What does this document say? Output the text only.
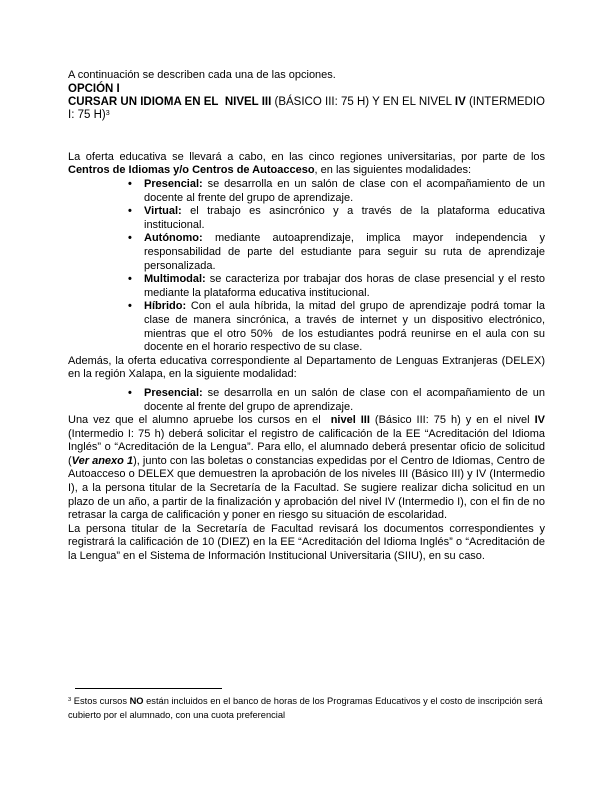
A continuación se describen cada una de las opciones.

OPCIÓN I
CURSAR UN IDIOMA EN EL  NIVEL III (BÁSICO III: 75 H) Y EN EL NIVEL IV (INTERMEDIO I: 75 H)$^3$

La oferta educativa se llevará a cabo, en las cinco regiones universitarias, por parte de los Centros de Idiomas y/o Centros de Autoacceso, en las siguientes modalidades:

• Presencial: se desarrolla en un salón de clase con el acompañamiento de un docente al frente del grupo de aprendizaje.
• Virtual: el trabajo es asincrónico y a través de la plataforma educativa institucional.
• Autónomo: mediante autoaprendizaje, implica mayor independencia y responsabilidad de parte del estudiante para seguir su ruta de aprendizaje personalizada.
• Multimodal: se caracteriza por trabajar dos horas de clase presencial y el resto mediante la plataforma educativa institucional.
• Híbrido: Con el aula híbrida, la mitad del grupo de aprendizaje podrá tomar la clase de manera sincrónica, a través de internet y un dispositivo electrónico, mientras que el otro 50%  de los estudiantes podrá reunirse en el aula con su docente en el horario respectivo de su clase.

Además, la oferta educativa correspondiente al Departamento de Lenguas Extranjeras (DELEX) en la región Xalapa, en la siguiente modalidad:

• Presencial: se desarrolla en un salón de clase con el acompañamiento de un docente al frente del grupo de aprendizaje.

Una vez que el alumno apruebe los cursos en el  nivel III (Básico III: 75 h) y en el nivel IV (Intermedio I: 75 h) deberá solicitar el registro de calificación de la EE “Acreditación del Idioma Inglés” o “Acreditación de la Lengua”. Para ello, el alumnado deberá presentar oficio de solicitud (Ver anexo 1), junto con las boletas o constancias expedidas por el Centro de Idiomas, Centro de Autoacceso o DELEX que demuestren la aprobación de los niveles III (Básico III) y IV (Intermedio I), a la persona titular de la Secretaría de la Facultad. Se sugiere realizar dicha solicitud en un plazo de un año, a partir de la finalización y aprobación del nivel IV (Intermedio I), con el fin de no retrasar la carga de calificación y poner en riesgo su situación de escolaridad.

La persona titular de la Secretaría de Facultad revisará los documentos correspondientes y registrará la calificación de 10 (DIEZ) en la EE “Acreditación del Idioma Inglés” o “Acreditación de la Lengua” en el Sistema de Información Institucional Universitaria (SIIU), en su caso.

$^3$ Estos cursos NO están incluidos en el banco de horas de los Programas Educativos y el costo de inscripción será cubierto por el alumnado, con una cuota preferencial
